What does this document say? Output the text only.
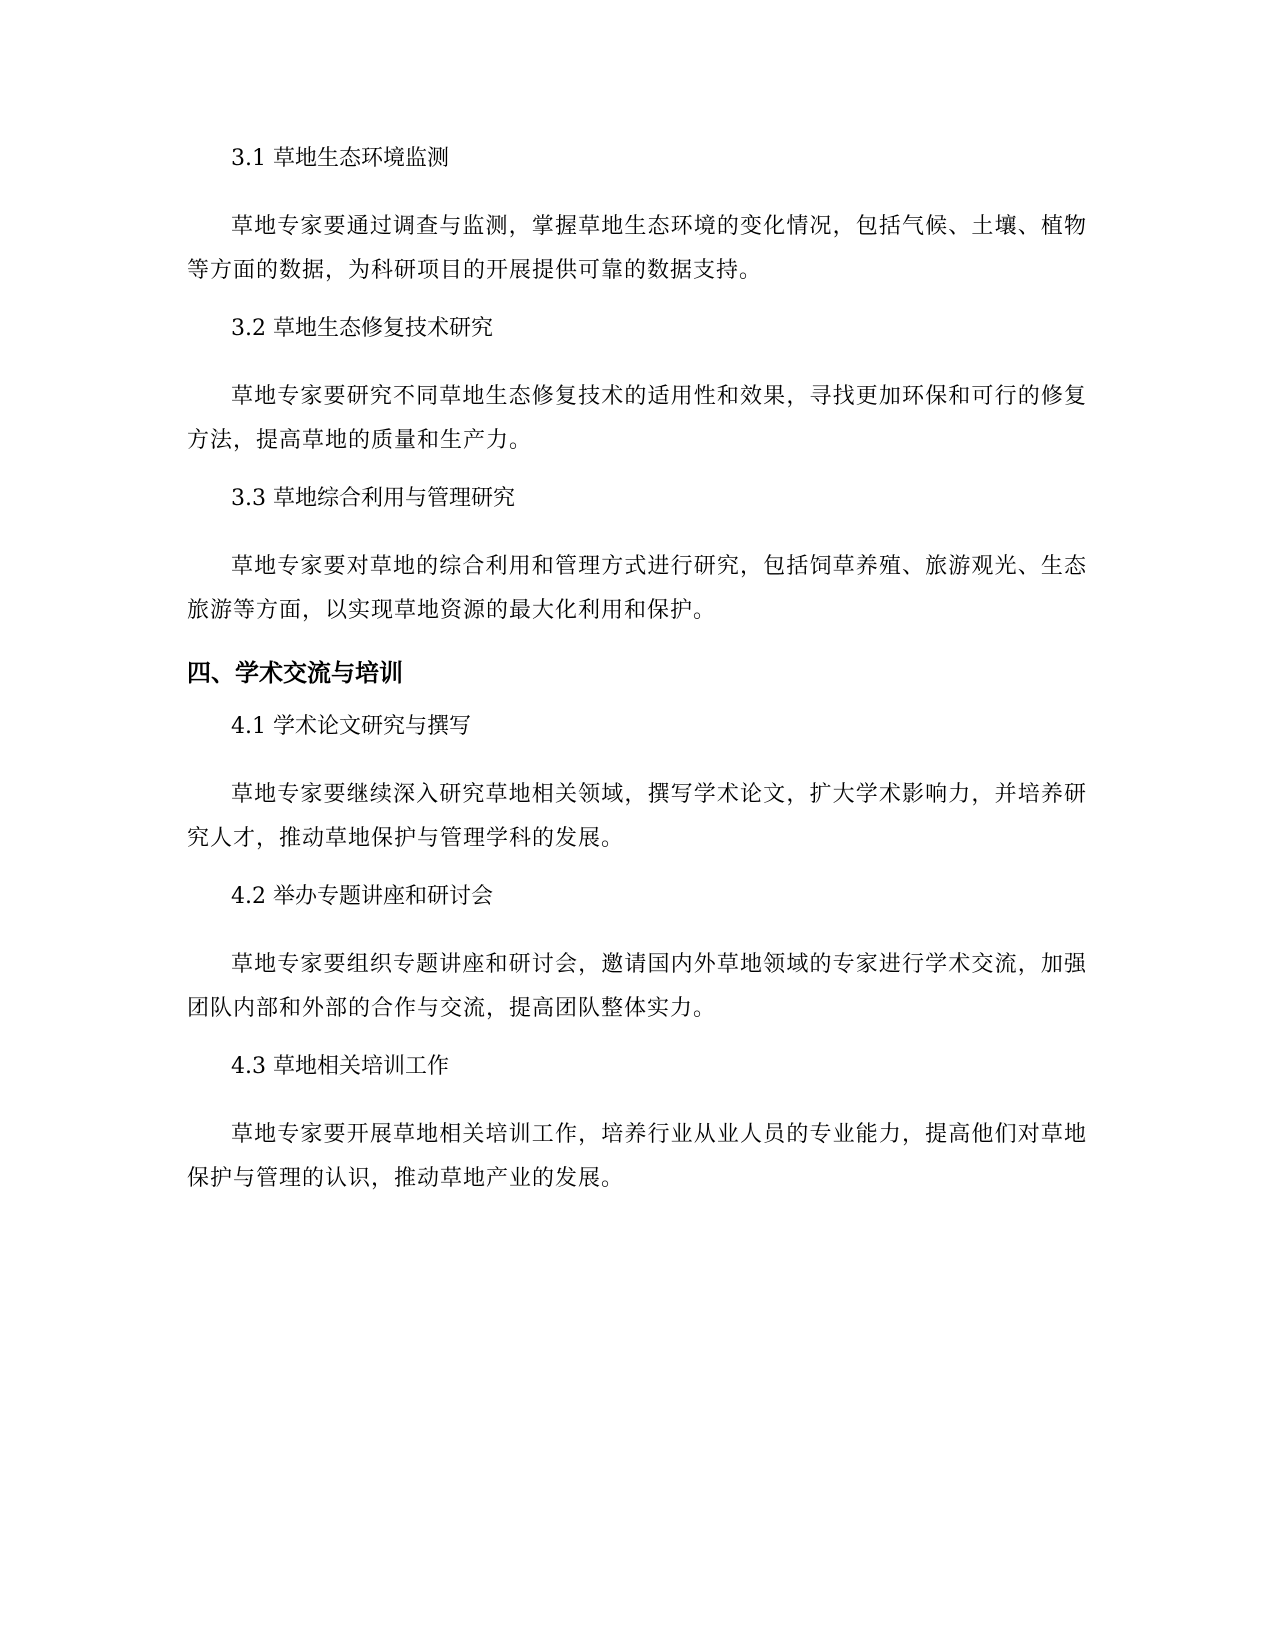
3.1 草地生态环境监测
草地专家要通过调查与监测，掌握草地生态环境的变化情况，包括气候、土壤、植物等方面的数据，为科研项目的开展提供可靠的数据支持。
3.2 草地生态修复技术研究
草地专家要研究不同草地生态修复技术的适用性和效果，寻找更加环保和可行的修复方法，提高草地的质量和生产力。
3.3 草地综合利用与管理研究
草地专家要对草地的综合利用和管理方式进行研究，包括饲草养殖、旅游观光、生态旅游等方面，以实现草地资源的最大化利用和保护。
四、学术交流与培训
4.1 学术论文研究与撰写
草地专家要继续深入研究草地相关领域，撰写学术论文，扩大学术影响力，并培养研究人才，推动草地保护与管理学科的发展。
4.2 举办专题讲座和研讨会
草地专家要组织专题讲座和研讨会，邀请国内外草地领域的专家进行学术交流，加强团队内部和外部的合作与交流，提高团队整体实力。
4.3 草地相关培训工作
草地专家要开展草地相关培训工作，培养行业从业人员的专业能力，提高他们对草地保护与管理的认识，推动草地产业的发展。
